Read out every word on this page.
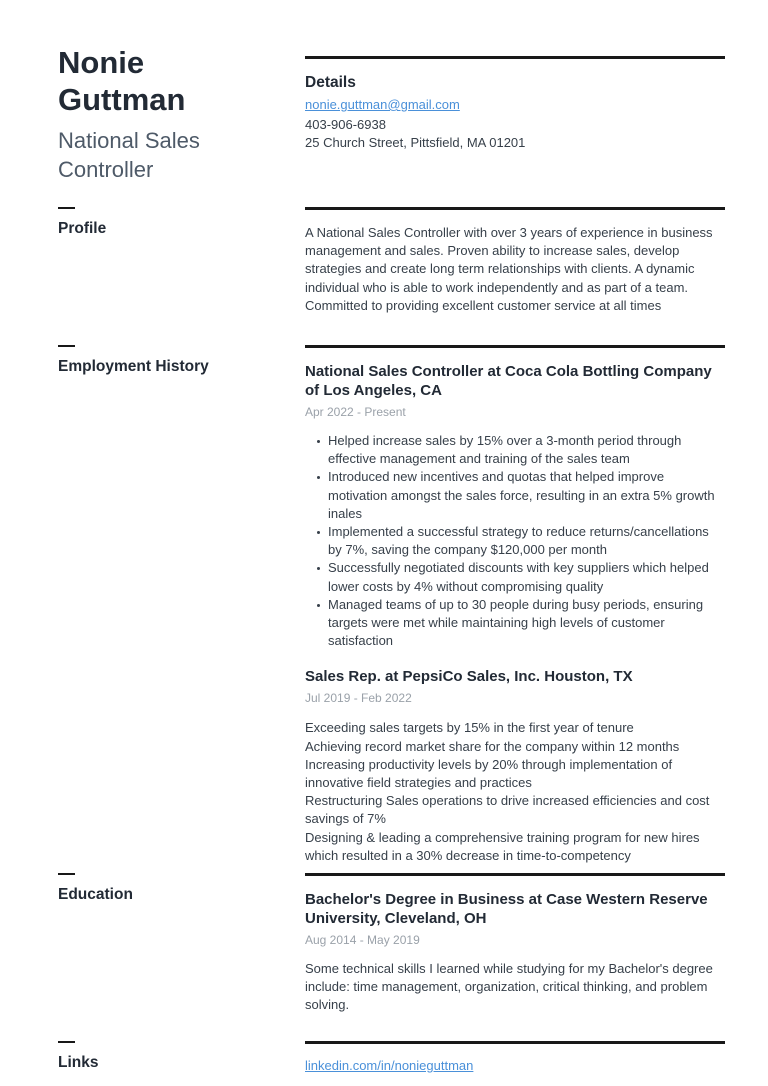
Nonie Guttman
National Sales Controller
Details
nonie.guttman@gmail.com
403-906-6938
25 Church Street, Pittsfield, MA 01201
Profile	A National Sales Controller with over 3 years of experience in business management and sales. Proven ability to increase sales, develop strategies and create long term relationships with clients. A dynamic individual who is able to work independently and as part of a team. Committed to providing excellent customer service at all times
Employment History	National Sales Controller at Coca Cola Bottling Company of Los Angeles, CA
Apr 2022 - Present
Helped increase sales by 15% over a 3-month period through effective management and training of the sales team
Introduced new incentives and quotas that helped improve motivation amongst the sales force, resulting in an extra 5% growth inales
Implemented a successful strategy to reduce returns/cancellations by 7%, saving the company $120,000 per month
Successfully negotiated discounts with key suppliers which helped lower costs by 4% without compromising quality
Managed teams of up to 30 people during busy periods, ensuring targets were met while maintaining high levels of customer satisfaction
Sales Rep. at PepsiCo Sales, Inc. Houston, TX
Jul 2019 - Feb 2022
Exceeding sales targets by 15% in the first year of tenure
Achieving record market share for the company within 12 months
Increasing productivity levels by 20% through implementation of innovative field strategies and practices
Restructuring Sales operations to drive increased efficiencies and cost savings of 7%
Designing & leading a comprehensive training program for new hires which resulted in a 30% decrease in time-to-competency
Education	Bachelor's Degree in Business at Case Western Reserve University, Cleveland, OH
Aug 2014 - May 2019
Some technical skills I learned while studying for my Bachelor's degree include: time management, organization, critical thinking, and problem solving.
Links	linkedin.com/in/nonieguttman
